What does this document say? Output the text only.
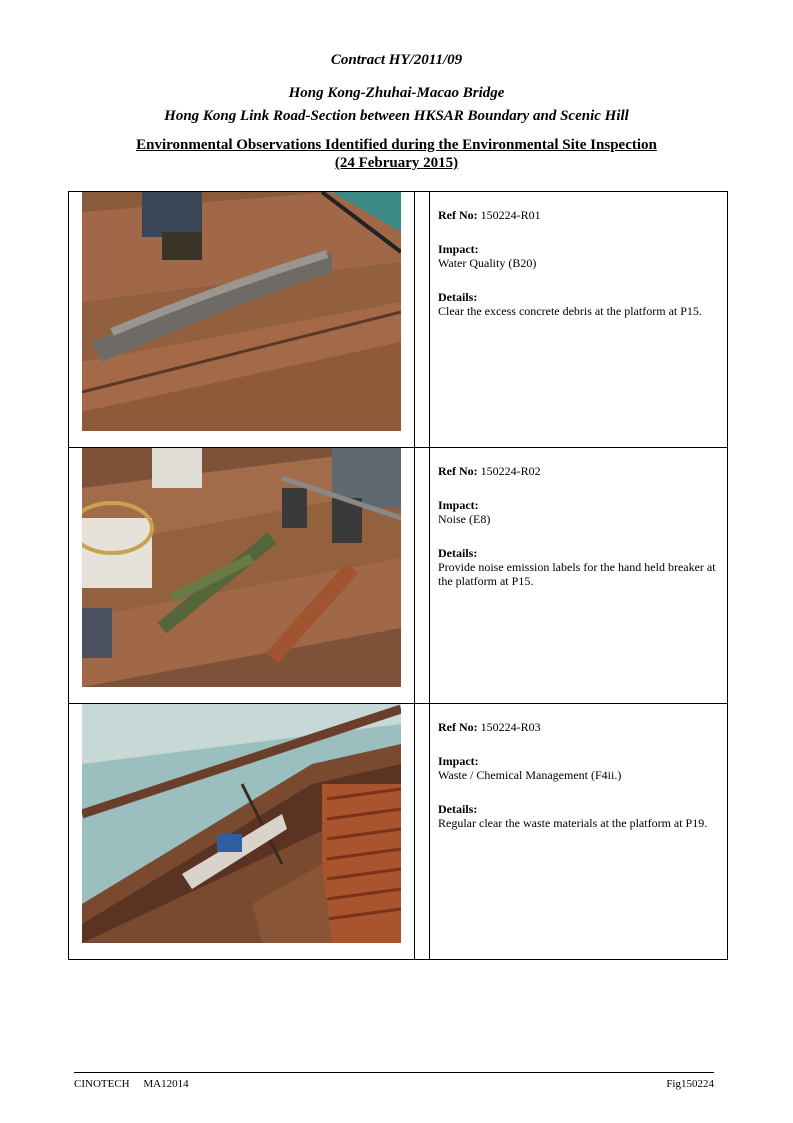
Contract HY/2011/09
Hong Kong-Zhuhai-Macao Bridge
Hong Kong Link Road-Section between HKSAR Boundary and Scenic Hill
Environmental Observations Identified during the Environmental Site Inspection
(24 February 2015)

Ref No: 150224-R01
Impact:
Water Quality (B20)
Details:
Clear the excess concrete debris at the platform at P15.

Ref No: 150224-R02
Impact:
Noise (E8)
Details:
Provide noise emission labels for the hand held breaker at the platform at P15.

Ref No: 150224-R03
Impact:
Waste / Chemical Management (F4ii.)
Details:
Regular clear the waste materials at the platform at P19.
CINOTECH     MA12014	Fig150224
